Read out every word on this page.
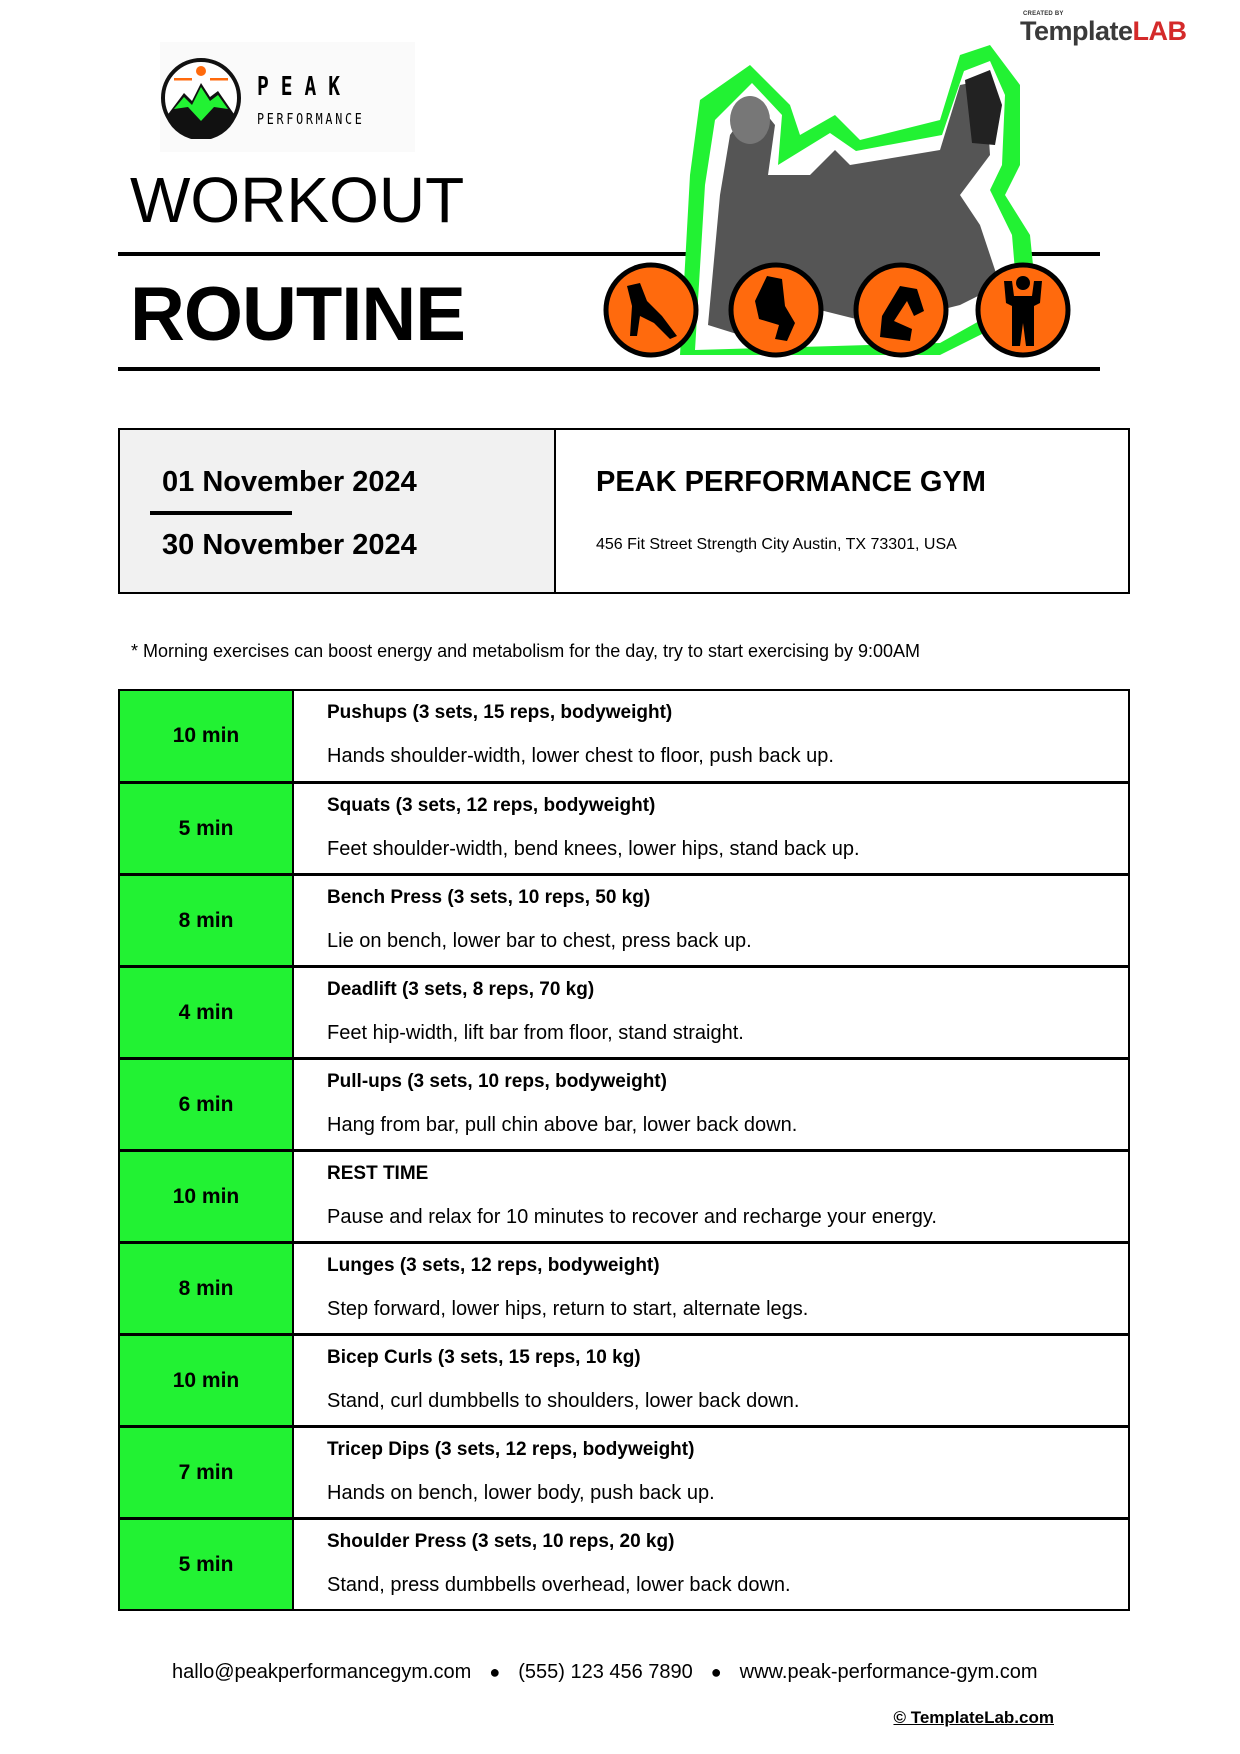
CREATED BY
TemplateLAB
PEAK
PERFORMANCE
WORKOUT
ROUTINE
01 November 2024
30 November 2024
PEAK PERFORMANCE GYM
456 Fit Street Strength City Austin, TX 73301, USA
* Morning exercises can boost energy and metabolism for the day, try to start exercising by 9:00AM
10 min
Pushups (3 sets, 15 reps, bodyweight)
Hands shoulder-width, lower chest to floor, push back up.
5 min
Squats (3 sets, 12 reps, bodyweight)
Feet shoulder-width, bend knees, lower hips, stand back up.
8 min
Bench Press (3 sets, 10 reps, 50 kg)
Lie on bench, lower bar to chest, press back up.
4 min
Deadlift (3 sets, 8 reps, 70 kg)
Feet hip-width, lift bar from floor, stand straight.
6 min
Pull-ups (3 sets, 10 reps, bodyweight)
Hang from bar, pull chin above bar, lower back down.
10 min
REST TIME
Pause and relax for 10 minutes to recover and recharge your energy.
8 min
Lunges (3 sets, 12 reps, bodyweight)
Step forward, lower hips, return to start, alternate legs.
10 min
Bicep Curls (3 sets, 15 reps, 10 kg)
Stand, curl dumbbells to shoulders, lower back down.
7 min
Tricep Dips (3 sets, 12 reps, bodyweight)
Hands on bench, lower body, push back up.
5 min
Shoulder Press (3 sets, 10 reps, 20 kg)
Stand, press dumbbells overhead, lower back down.
hallo@peakperformancegym.com ● (555) 123 456 7890 ● www.peak-performance-gym.com
© TemplateLab.com
